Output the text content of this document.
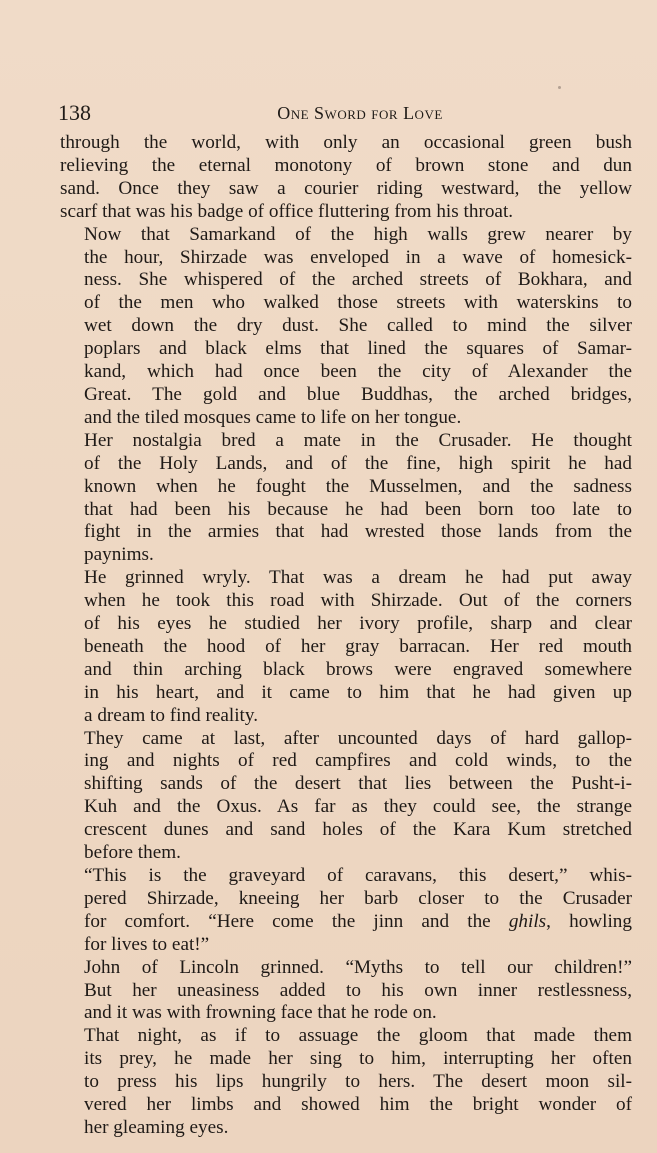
138	One Sword for Love

through the world, with only an occasional green bush
relieving the eternal monotony of brown stone and dun
sand. Once they saw a courier riding westward, the yellow
scarf that was his badge of office fluttering from his throat.

Now that Samarkand of the high walls grew nearer by
the hour, Shirzade was enveloped in a wave of homesick-
ness. She whispered of the arched streets of Bokhara, and
of the men who walked those streets with waterskins to
wet down the dry dust. She called to mind the silver
poplars and black elms that lined the squares of Samar-
kand, which had once been the city of Alexander the
Great. The gold and blue Buddhas, the arched bridges,
and the tiled mosques came to life on her tongue.

Her nostalgia bred a mate in the Crusader. He thought
of the Holy Lands, and of the fine, high spirit he had
known when he fought the Musselmen, and the sadness
that had been his because he had been born too late to
fight in the armies that had wrested those lands from the
paynims.

He grinned wryly. That was a dream he had put away
when he took this road with Shirzade. Out of the corners
of his eyes he studied her ivory profile, sharp and clear
beneath the hood of her gray barracan. Her red mouth
and thin arching black brows were engraved somewhere
in his heart, and it came to him that he had given up
a dream to find reality.

They came at last, after uncounted days of hard gallop-
ing and nights of red campfires and cold winds, to the
shifting sands of the desert that lies between the Pusht-i-
Kuh and the Oxus. As far as they could see, the strange
crescent dunes and sand holes of the Kara Kum stretched
before them.

“This is the graveyard of caravans, this desert,” whis-
pered Shirzade, kneeing her barb closer to the Crusader
for comfort. “Here come the jinn and the ghils, howling
for lives to eat!”

John of Lincoln grinned. “Myths to tell our children!”
But her uneasiness added to his own inner restlessness,
and it was with frowning face that he rode on.

That night, as if to assuage the gloom that made them
its prey, he made her sing to him, interrupting her often
to press his lips hungrily to hers. The desert moon sil-
vered her limbs and showed him the bright wonder of
her gleaming eyes.
